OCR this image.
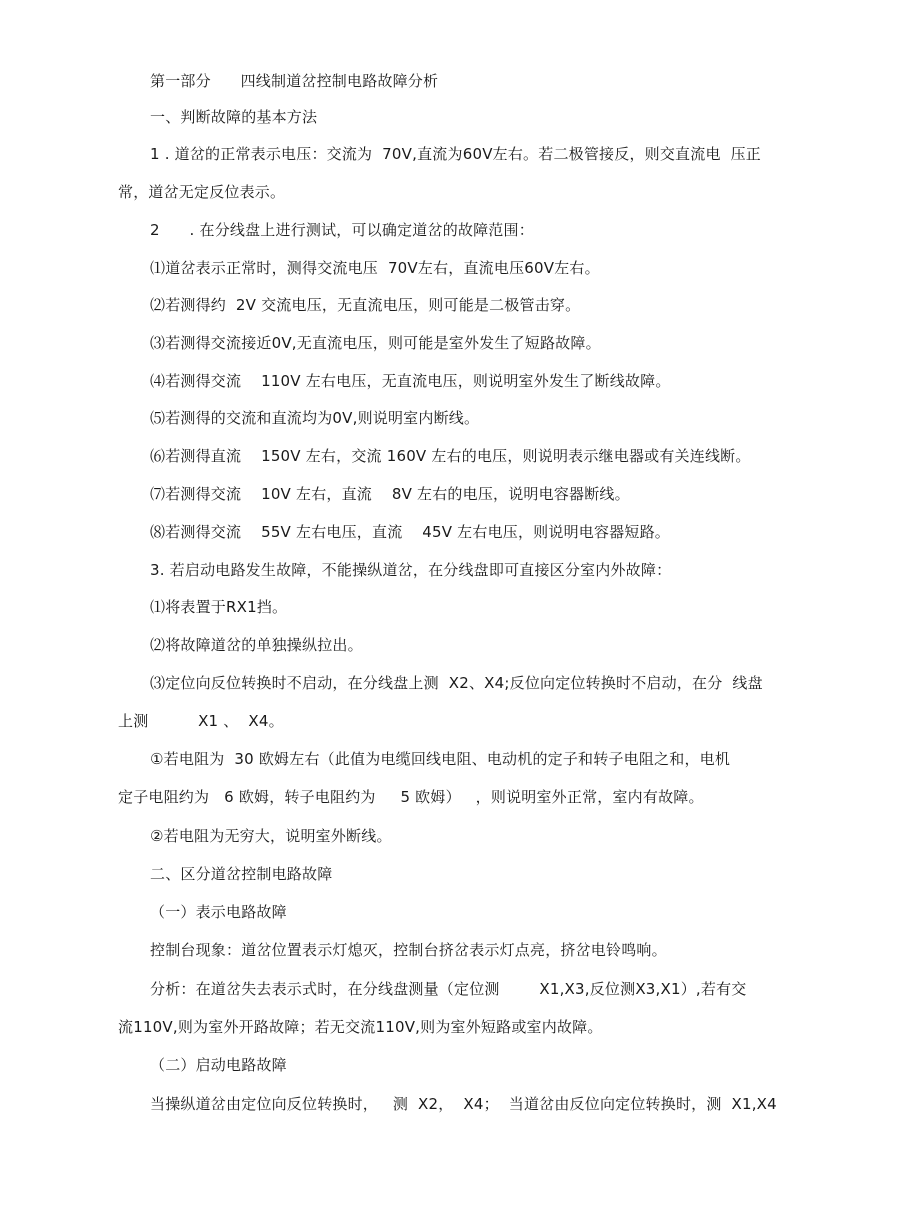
第一部分      四线制道岔控制电路故障分析
一、判断故障的基本方法
1 . 道岔的正常表示电压：交流为  70V,直流为60V左右。若二极管接反，则交直流电  压正
常，道岔无定反位表示。
2      . 在分线盘上进行测试，可以确定道岔的故障范围：
⑴道岔表示正常时，测得交流电压  70V左右，直流电压60V左右。
⑵若测得约  2V 交流电压，无直流电压，则可能是二极管击穿。
⑶若测得交流接近0V,无直流电压，则可能是室外发生了短路故障。
⑷若测得交流    110V 左右电压，无直流电压，则说明室外发生了断线故障。
⑸若测得的交流和直流均为0V,则说明室内断线。
⑹若测得直流    150V 左右，交流 160V 左右的电压，则说明表示继电器或有关连线断。
⑺若测得交流    10V 左右，直流    8V 左右的电压，说明电容器断线。
⑻若测得交流    55V 左右电压，直流    45V 左右电压，则说明电容器短路。
3. 若启动电路发生故障，不能操纵道岔，在分线盘即可直接区分室内外故障：
⑴将表置于RX1挡。
⑵将故障道岔的单独操纵拉出。
⑶定位向反位转换时不启动，在分线盘上测  X2、X4;反位向定位转换时不启动，在分  线盘
上测          X1 、  X4。
①若电阻为  30 欧姆左右（此值为电缆回线电阻、电动机的定子和转子电阻之和，电机
定子电阻约为   6 欧姆，转子电阻约为     5 欧姆）   ，则说明室外正常，室内有故障。
②若电阻为无穷大，说明室外断线。
二、区分道岔控制电路故障
（一）表示电路故障
控制台现象：道岔位置表示灯熄灭，控制台挤岔表示灯点亮，挤岔电铃鸣响。
分析：在道岔失去表示式时，在分线盘测量（定位测        X1,X3,反位测X3,X1）,若有交
流110V,则为室外开路故障；若无交流110V,则为室外短路或室内故障。
（二）启动电路故障
当操纵道岔由定位向反位转换时，   测  X2，  X4；  当道岔由反位向定位转换时，测  X1,X4
